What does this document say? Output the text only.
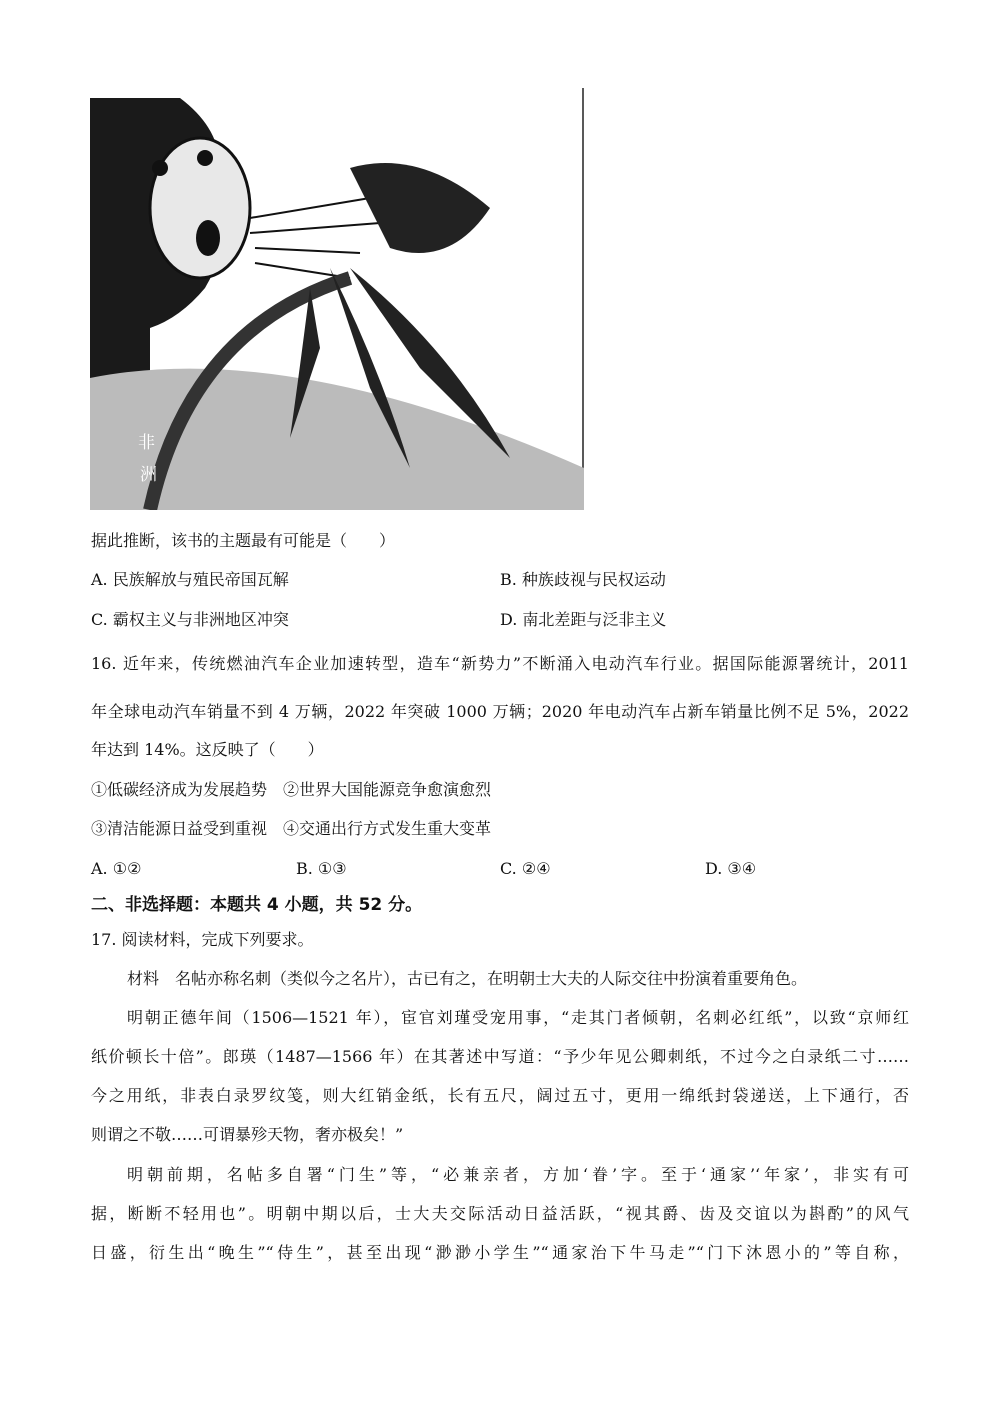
非
洲
据此推断，该书的主题最有可能是（　　）
A. 民族解放与殖民帝国瓦解	B. 种族歧视与民权运动
C. 霸权主义与非洲地区冲突	D. 南北差距与泛非主义
16. 近年来，传统燃油汽车企业加速转型，造车“新势力”不断涌入电动汽车行业。据国际能源署统计，2011
年全球电动汽车销量不到 4 万辆，2022 年突破 1000 万辆；2020 年电动汽车占新车销量比例不足 5%，2022
年达到 14%。这反映了（　　）
①低碳经济成为发展趋势　②世界大国能源竞争愈演愈烈
③清洁能源日益受到重视　④交通出行方式发生重大变革
A. ①②	B. ①③	C. ②④	D. ③④
二、非选择题：本题共 4 小题，共 52 分。
17. 阅读材料，完成下列要求。
材料　名帖亦称名刺（类似今之名片），古已有之，在明朝士大夫的人际交往中扮演着重要角色。
明朝正德年间（1506—1521 年），宦官刘瑾受宠用事，“走其门者倾朝，名刺必红纸”，以致“京师红
纸价顿长十倍”。郎瑛（1487—1566 年）在其著述中写道：“予少年见公卿刺纸，不过今之白录纸二寸……
今之用纸，非表白录罗纹笺，则大红销金纸，长有五尺，阔过五寸，更用一绵纸封袋递送，上下通行，否
则谓之不敬……可谓暴殄天物，奢亦极矣！”
明朝前期，名帖多自署“门生”等，“必兼亲者，方加‘眷’字。至于‘通家’‘年家’，非实有可
据，断断不轻用也”。明朝中期以后，士大夫交际活动日益活跃，“视其爵、齿及交谊以为斟酌”的风气
日盛，衍生出“晚生”“侍生”，甚至出现“渺渺小学生”“通家治下牛马走”“门下沐恩小的”等自称，
